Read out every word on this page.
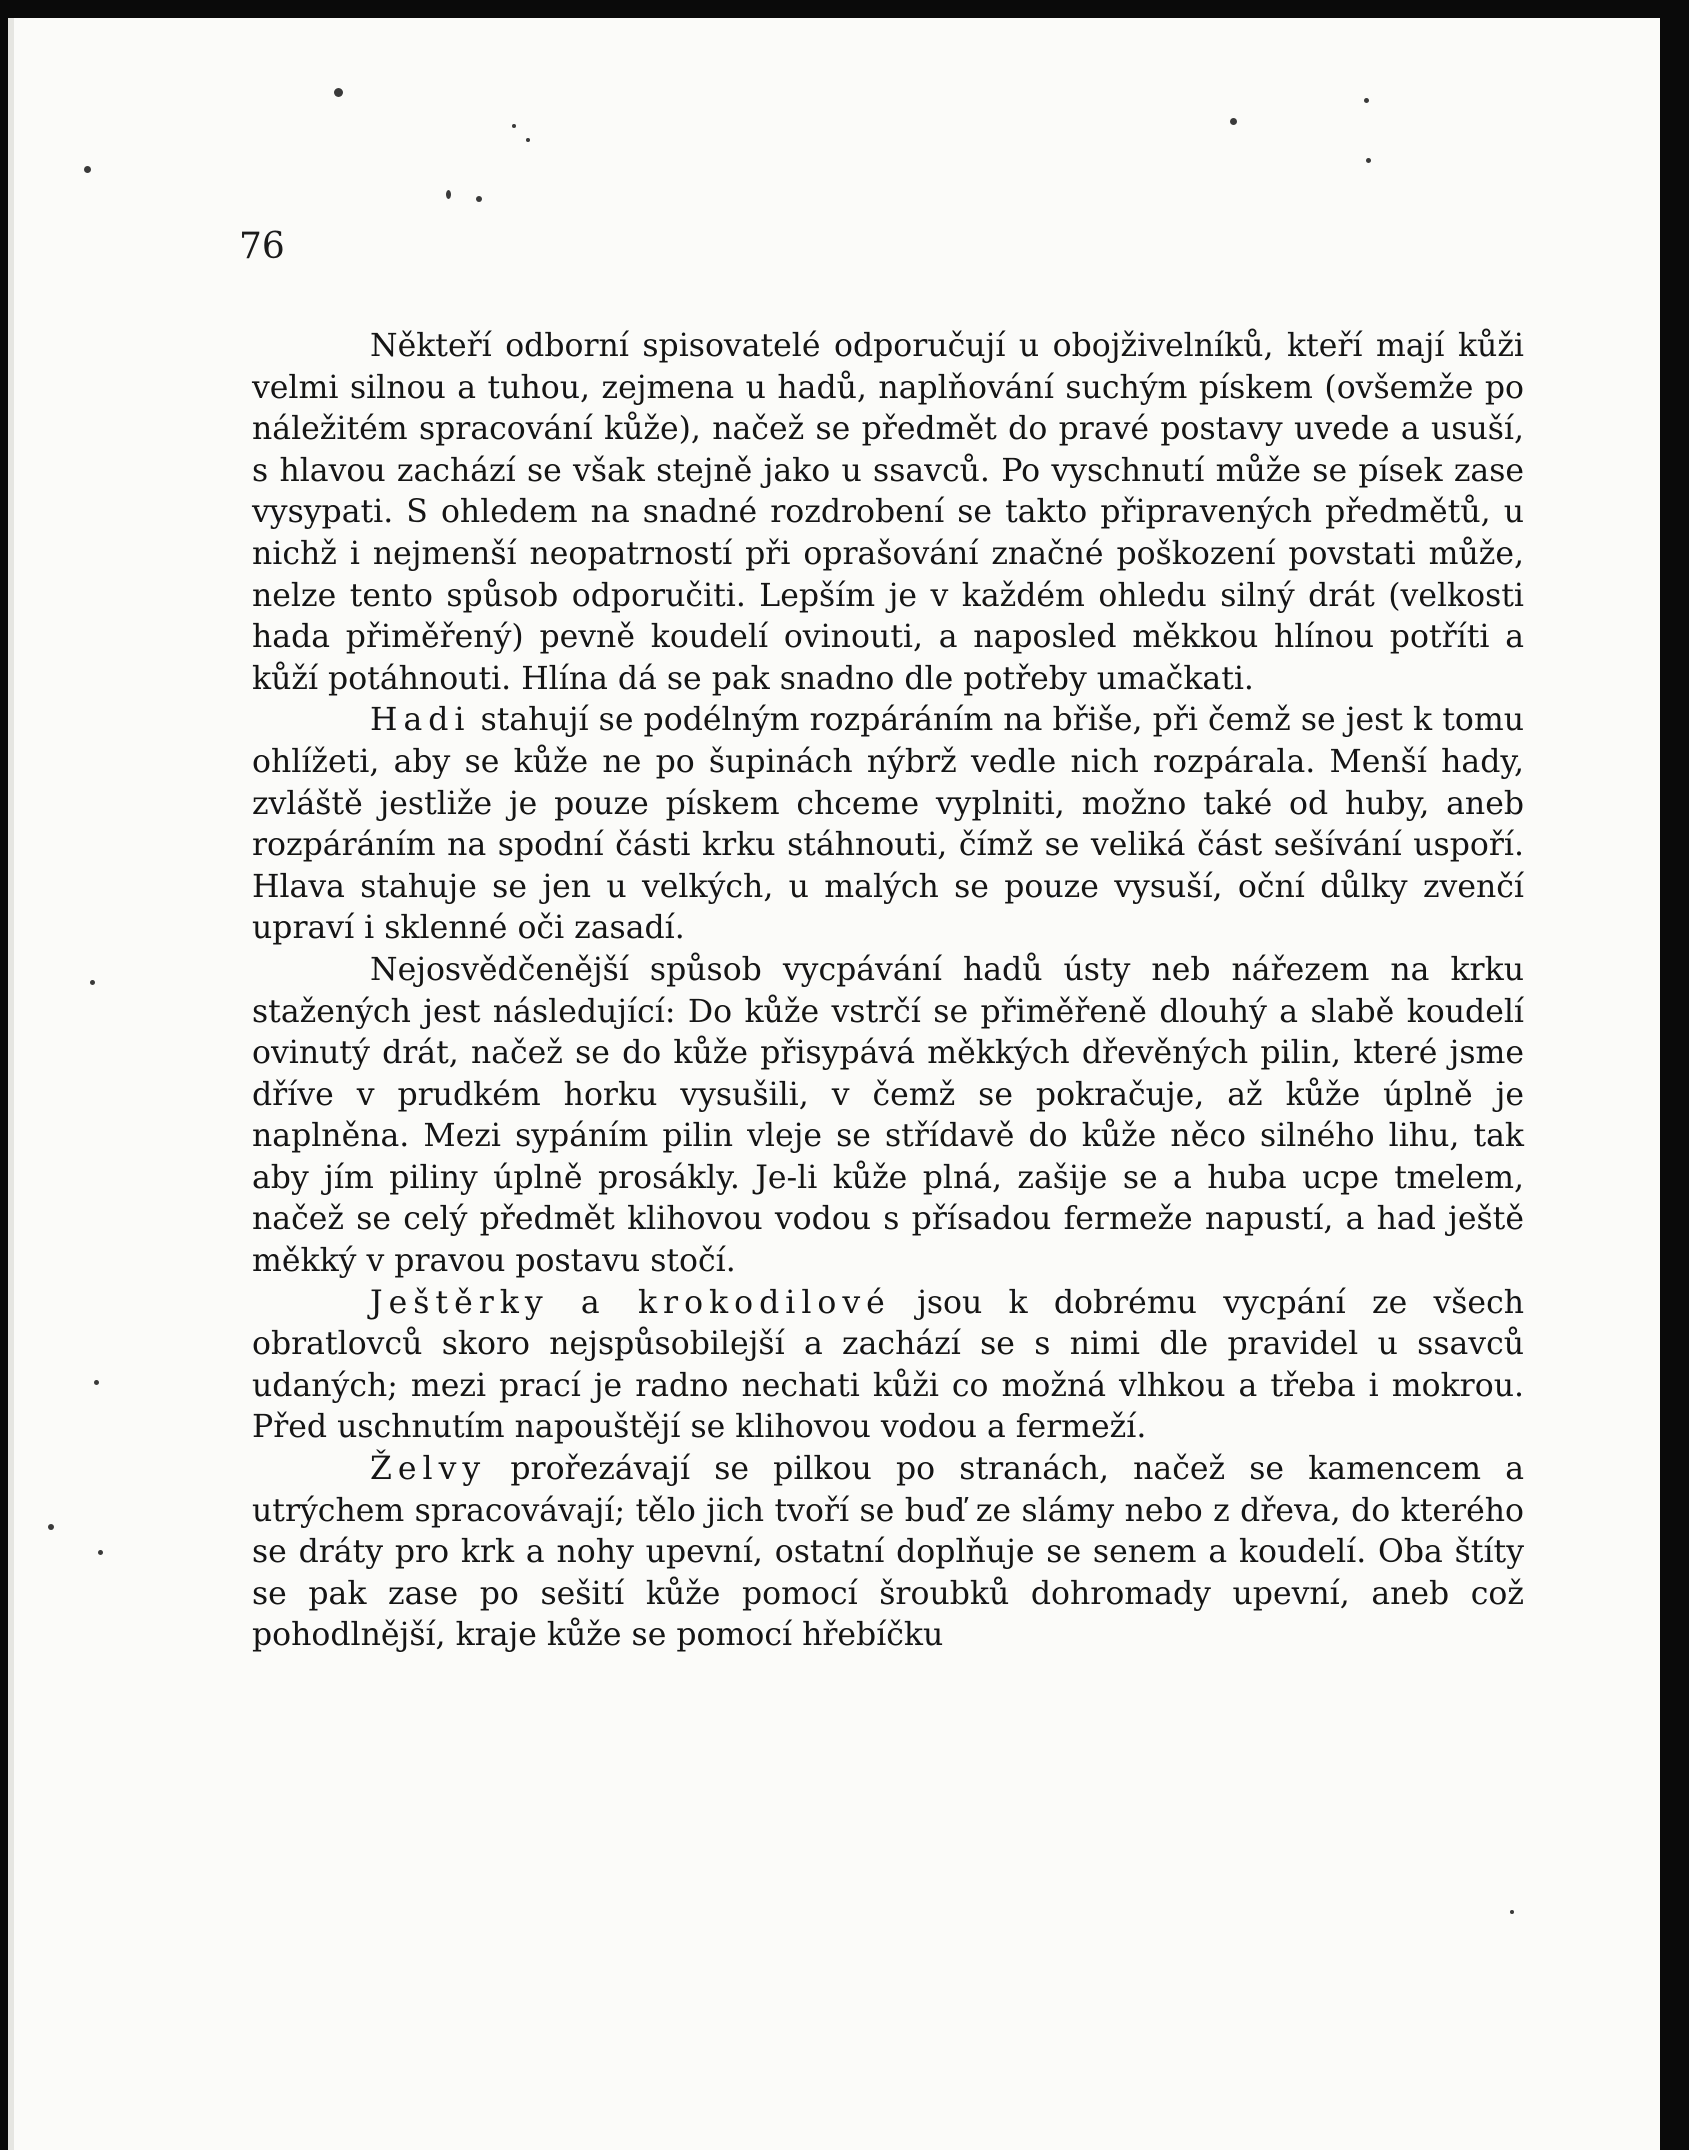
76

Někteří odborní spisovatelé odporučují u obojživelníků, kteří mají kůži velmi silnou a tuhou, zejmena u hadů, naplňování suchým pískem (ovšemže po náležitém spracování kůže), načež se předmět do pravé postavy uvede a usuší, s hlavou zachází se však stejně jako u ssavců. Po vyschnutí může se písek zase vysypati. S ohledem na snadné rozdrobení se takto připravených předmětů, u nichž i nejmenší neopatrností při oprašování značné poškození povstati může, nelze tento spůsob odporučiti. Lepším je v každém ohledu silný drát (velkosti hada přiměřený) pevně koudelí ovinouti, a naposled měkkou hlínou potříti a kůží potáhnouti. Hlína dá se pak snadno dle potřeby umačkati.

Hadi stahují se podélným rozpáráním na břiše, při čemž se jest k tomu ohlížeti, aby se kůže ne po šupinách nýbrž vedle nich rozpárala. Menší hady, zvláště jestliže je pouze pískem chceme vyplniti, možno také od huby, aneb rozpáráním na spodní části krku stáhnouti, čímž se veliká část sešívání uspoří. Hlava stahuje se jen u velkých, u malých se pouze vysuší, oční důlky zvenčí upraví i sklenné oči zasadí.

Nejosvědčenější spůsob vycpávání hadů ústy neb nářezem na krku stažených jest následující: Do kůže vstrčí se přiměřeně dlouhý a slabě koudelí ovinutý drát, načež se do kůže přisypává měkkých dřevěných pilin, které jsme dříve v prudkém horku vysušili, v čemž se pokračuje, až kůže úplně je naplněna. Mezi sypáním pilin vleje se střídavě do kůže něco silného lihu, tak aby jím piliny úplně prosákly. Je-li kůže plná, zašije se a huba ucpe tmelem, načež se celý předmět klihovou vodou s přísadou fermeže napustí, a had ještě měkký v pravou postavu stočí.

Ještěrky a krokodilové jsou k dobrému vycpání ze všech obratlovců skoro nejspůsobilejší a zachází se s nimi dle pravidel u ssavců udaných; mezi prací je radno nechati kůži co možná vlhkou a třeba i mokrou. Před uschnutím napouštějí se klihovou vodou a fermeží.

Želvy prořezávají se pilkou po stranách, načež se kamencem a utrýchem spracovávají; tělo jich tvoří se buď ze slámy nebo z dřeva, do kterého se dráty pro krk a nohy upevní, ostatní doplňuje se senem a koudelí. Oba štíty se pak zase po sešití kůže pomocí šroubků dohromady upevní, aneb což pohodlnější, kraje kůže se pomocí hřebíčku
